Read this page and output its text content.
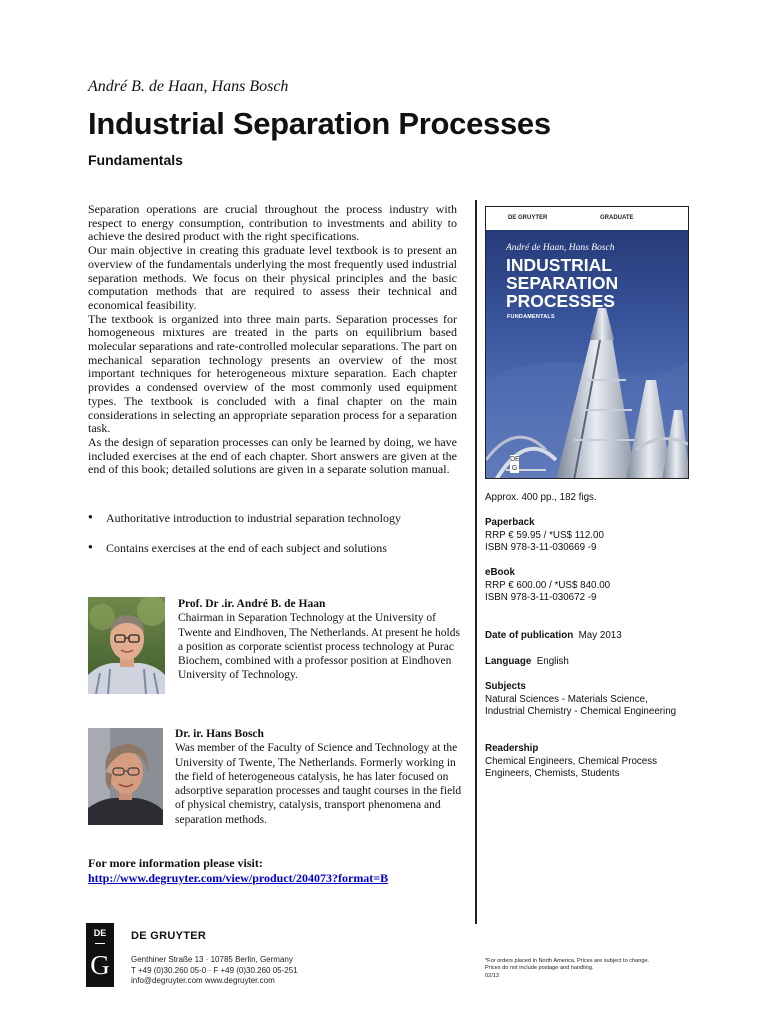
André B. de Haan, Hans Bosch
Industrial Separation Processes
Fundamentals

Separation operations are crucial throughout the process industry with respect to energy consumption, contribution to investments and ability to achieve the desired product with the right specifications.

Our main objective in creating this graduate level textbook is to present an overview of the fundamentals underlying the most frequently used industrial separation methods. We focus on their physical principles and the basic computation methods that are required to assess their technical and economical feasibility.

The textbook is organized into three main parts. Separation processes for homogeneous mixtures are treated in the parts on equilibrium based molecular separations and rate-controlled molecular separations. The part on mechanical separation technology presents an overview of the most important techniques for heterogeneous mixture separation. Each chapter provides a condensed overview of the most commonly used equipment types. The textbook is concluded with a final chapter on the main considerations in selecting an appropriate separation process for a separation task.

As the design of separation processes can only be learned by doing, we have included exercises at the end of each chapter. Short answers are given at the end of this book; detailed solutions are given in a separate solution manual.

● Authoritative introduction to industrial separation technology
● Contains exercises at the end of each subject and solutions
Prof. Dr .ir. André B. de Haan
Chairman in Separation Technology at the University of Twente and Eindhoven, The Netherlands. At present he holds a position as corporate scientist process technology at Purac Biochem, combined with a professor position at Eindhoven University of Technology.
Dr. ir. Hans Bosch
Was member of the Faculty of Science and Technology at the University of Twente, The Netherlands. Formerly working in the field of heterogeneous catalysis, he has later focused on adsorptive separation processes and taught courses in the field of physical chemistry, catalysis, transport phenomena and separation methods.
For more information please visit:
http://www.degruyter.com/view/product/204073?format=B
DE GRUYTER	GRADUATE
André de Haan, Hans Bosch
INDUSTRIAL
SEPARATION
PROCESSES
FUNDAMENTALS
DE G
Approx. 400 pp., 182 figs.
Paperback
RRP € 59.95 / *US$ 112.00
ISBN 978-3-11-030669 -9
eBook
RRP € 600.00 / *US$ 840.00
ISBN 978-3-11-030672 -9
Date of publication May 2013
Language English
Subjects
Natural Sciences - Materials Science, Industrial Chemistry - Chemical Engineering
Readership
Chemical Engineers, Chemical Process Engineers, Chemists, Students
DE
G
DE GRUYTER
Genthiner Straße 13 · 10785 Berlin, Germany
T +49 (0)30.260 05-0 · F +49 (0)30.260 05-251
info@degruyter.com www.degruyter.com
*For orders placed in North America. Prices are subject to change.
Prices do not include postage and handling.
02/13
